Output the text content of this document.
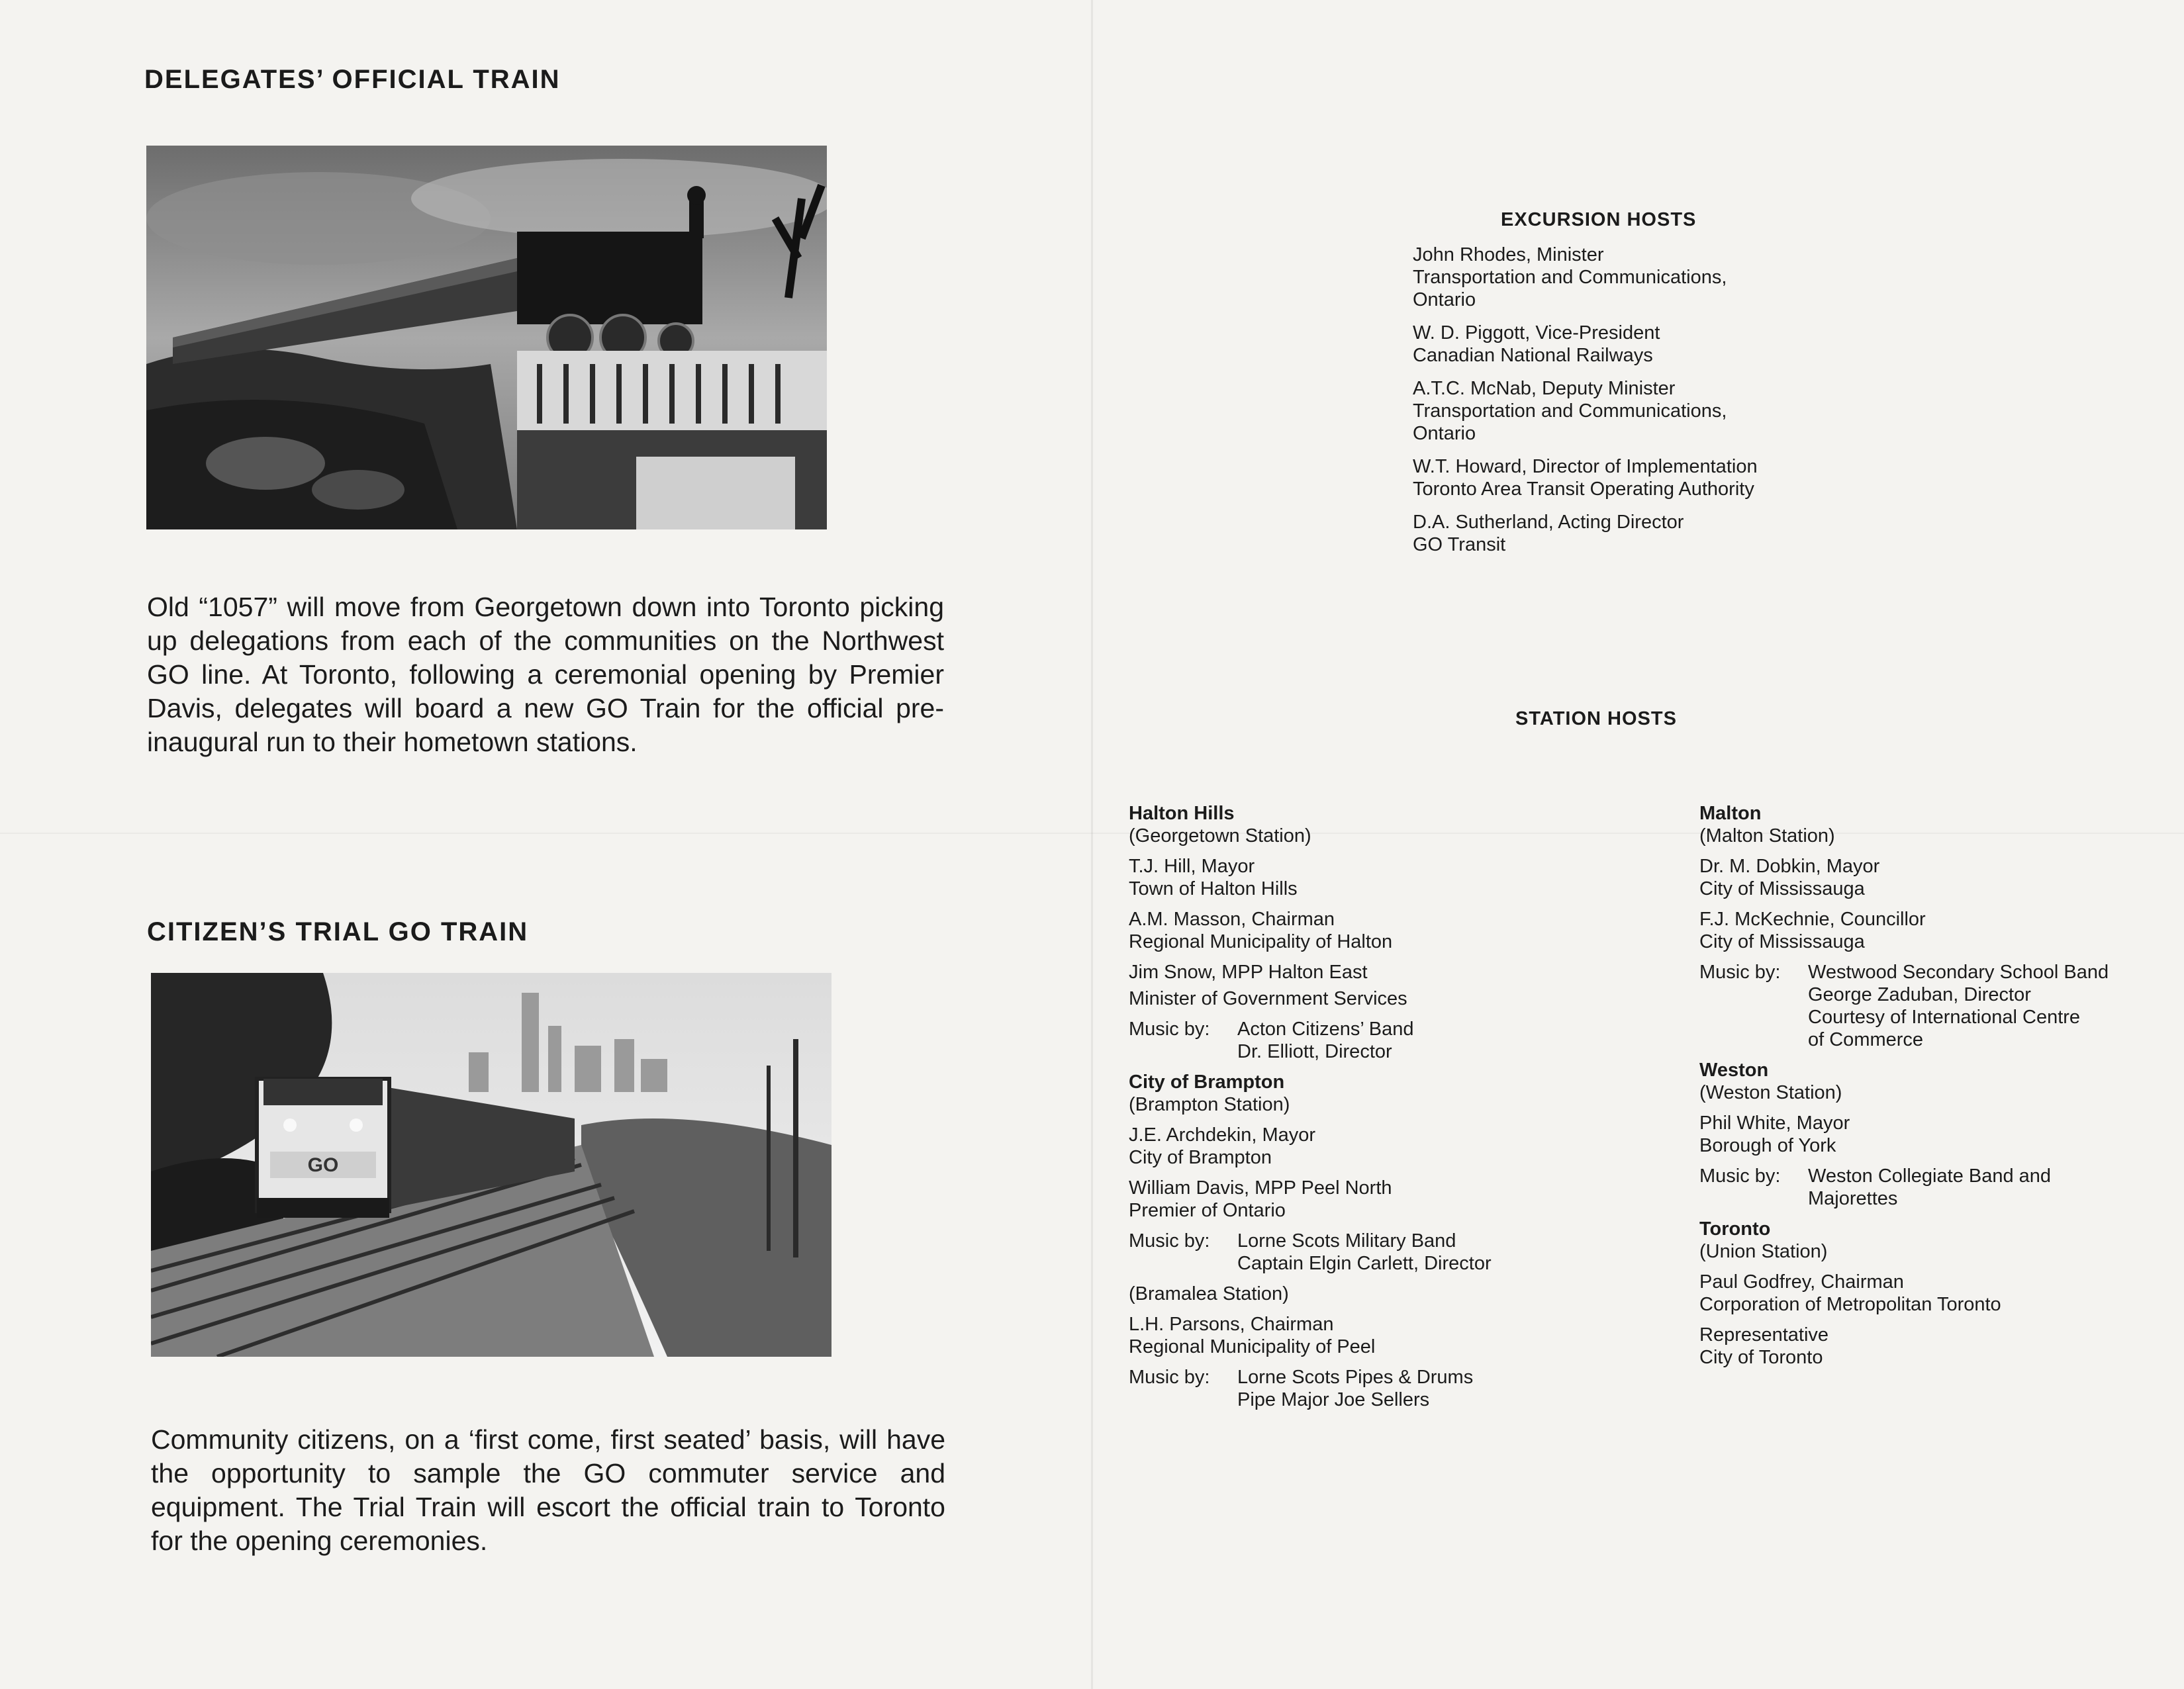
DELEGATES’ OFFICIAL TRAIN

Old “1057” will move from Georgetown down into Toronto picking up delegations from each of the communities on the Northwest GO line. At Toronto, following a ceremonial opening by Premier Davis, delegates will board a new GO Train for the official pre-inaugural run to their hometown stations.

CITIZEN’S TRIAL GO TRAIN
GO

Community citizens, on a ‘first come, first seated’ basis, will have the opportunity to sample the GO commuter service and equipment. The Trial Train will escort the official train to Toronto for the opening ceremonies.

EXCURSION HOSTS
John Rhodes, Minister
Transportation and Communications,
Ontario
W. D. Piggott, Vice-President
Canadian National Railways
A.T.C. McNab, Deputy Minister
Transportation and Communications,
Ontario
W.T. Howard, Director of Implementation
Toronto Area Transit Operating Authority
D.A. Sutherland, Acting Director
GO Transit
STATION HOSTS
Halton Hills
(Georgetown Station)
T.J. Hill, Mayor
Town of Halton Hills
A.M. Masson, Chairman
Regional Municipality of Halton
Jim Snow, MPP Halton East
Minister of Government Services
Music by:	Acton Citizens’ Band
Dr. Elliott, Director
City of Brampton
(Brampton Station)
J.E. Archdekin, Mayor
City of Brampton
William Davis, MPP Peel North
Premier of Ontario
Music by:	Lorne Scots Military Band
Captain Elgin Carlett, Director
(Bramalea Station)
L.H. Parsons, Chairman
Regional Municipality of Peel
Music by:	Lorne Scots Pipes & Drums
Pipe Major Joe Sellers
Malton
(Malton Station)
Dr. M. Dobkin, Mayor
City of Mississauga
F.J. McKechnie, Councillor
City of Mississauga
Music by:	Westwood Secondary School Band
George Zaduban, Director
Courtesy of International Centre
of Commerce
Weston
(Weston Station)
Phil White, Mayor
Borough of York
Music by:	Weston Collegiate Band and
Majorettes
Toronto
(Union Station)
Paul Godfrey, Chairman
Corporation of Metropolitan Toronto
Representative
City of Toronto
